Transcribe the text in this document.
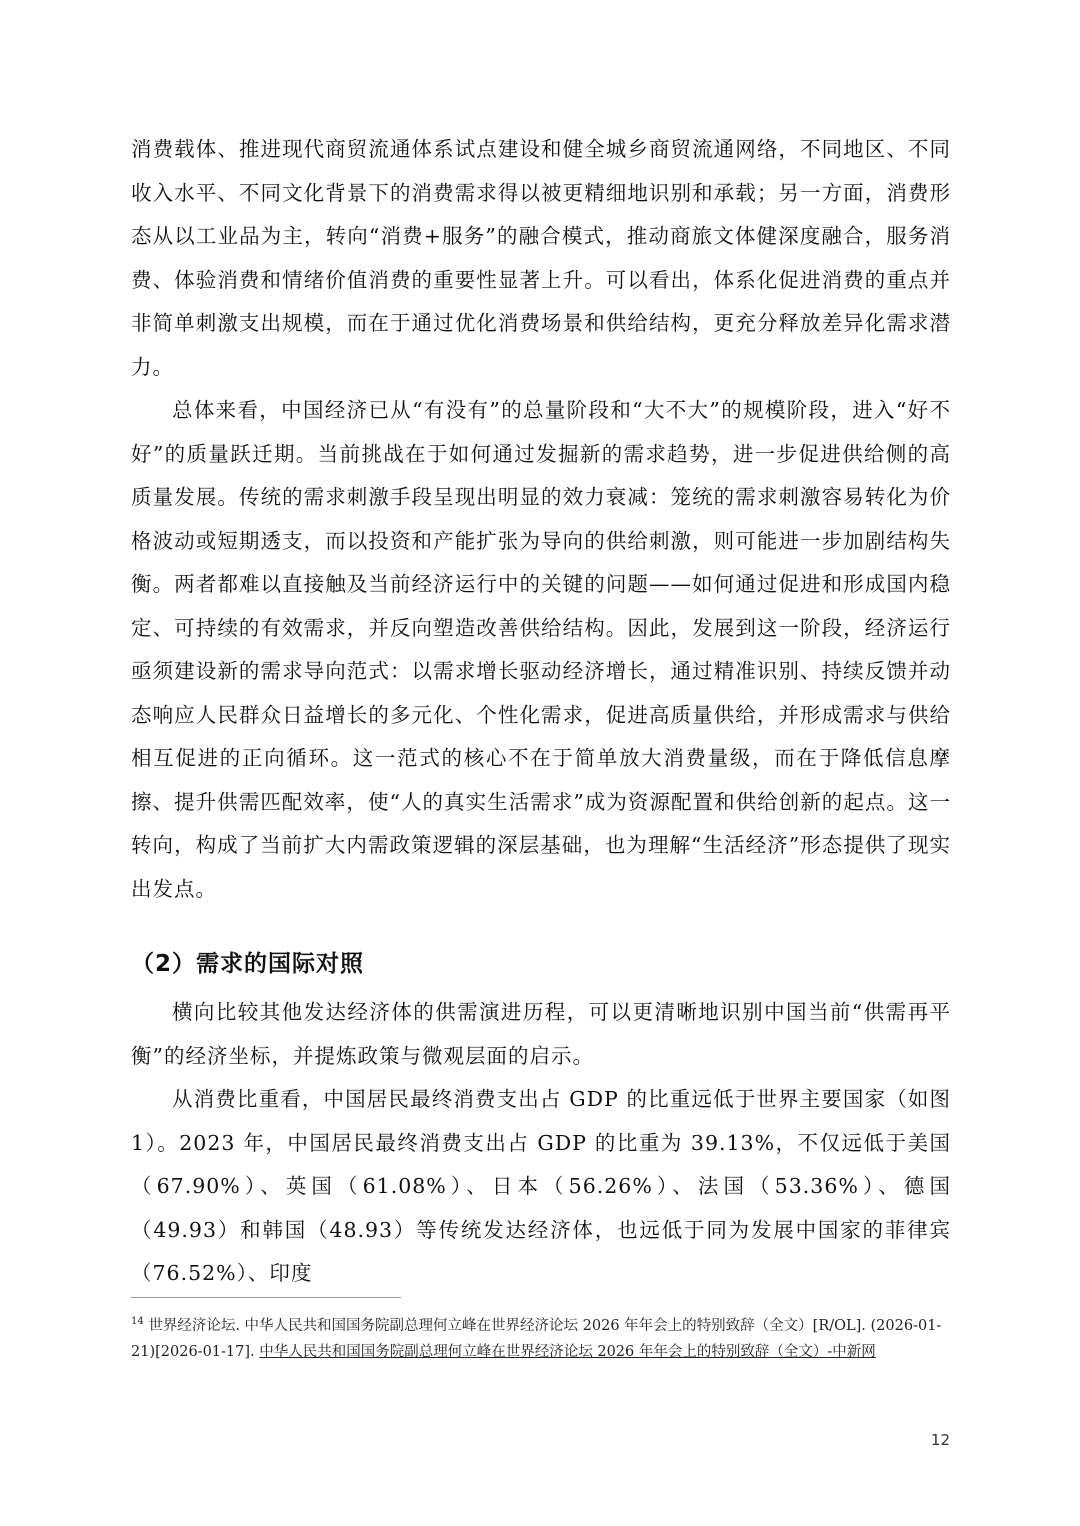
消费载体、推进现代商贸流通体系试点建设和健全城乡商贸流通网络，不同地区、不同收入水平、不同文化背景下的消费需求得以被更精细地识别和承载；另一方面，消费形态从以工业品为主，转向“消费+服务”的融合模式，推动商旅文体健深度融合，服务消费、体验消费和情绪价值消费的重要性显著上升。可以看出，体系化促进消费的重点并非简单刺激支出规模，而在于通过优化消费场景和供给结构，更充分释放差异化需求潜力。

总体来看，中国经济已从“有没有”的总量阶段和“大不大”的规模阶段，进入“好不好”的质量跃迁期。当前挑战在于如何通过发掘新的需求趋势，进一步促进供给侧的高质量发展。传统的需求刺激手段呈现出明显的效力衰减：笼统的需求刺激容易转化为价格波动或短期透支，而以投资和产能扩张为导向的供给刺激，则可能进一步加剧结构失衡。两者都难以直接触及当前经济运行中的关键的问题——如何通过促进和形成国内稳定、可持续的有效需求，并反向塑造改善供给结构。因此，发展到这一阶段，经济运行亟须建设新的需求导向范式：以需求增长驱动经济增长，通过精准识别、持续反馈并动态响应人民群众日益增长的多元化、个性化需求，促进高质量供给，并形成需求与供给相互促进的正向循环。这一范式的核心不在于简单放大消费量级，而在于降低信息摩擦、提升供需匹配效率，使“人的真实生活需求”成为资源配置和供给创新的起点。这一转向，构成了当前扩大内需政策逻辑的深层基础，也为理解“生活经济”形态提供了现实出发点。

（2）需求的国际对照

横向比较其他发达经济体的供需演进历程，可以更清晰地识别中国当前“供需再平衡”的经济坐标，并提炼政策与微观层面的启示。

从消费比重看，中国居民最终消费支出占 GDP 的比重远低于世界主要国家（如图 1）。2023 年，中国居民最终消费支出占 GDP 的比重为 39.13%，不仅远低于美国（67.90%）、英国（61.08%）、日本（56.26%）、法国（53.36%）、德国（49.93）和韩国（48.93）等传统发达经济体，也远低于同为发展中国家的菲律宾（76.52%）、印度

$^{14}$ 世界经济论坛. 中华人民共和国国务院副总理何立峰在世界经济论坛 2026 年年会上的特别致辞（全文）[R/OL]. (2026-01-21)[2026-01-17]. 中华人民共和国国务院副总理何立峰在世界经济论坛 2026 年年会上的特别致辞（全文）-中新网

12
